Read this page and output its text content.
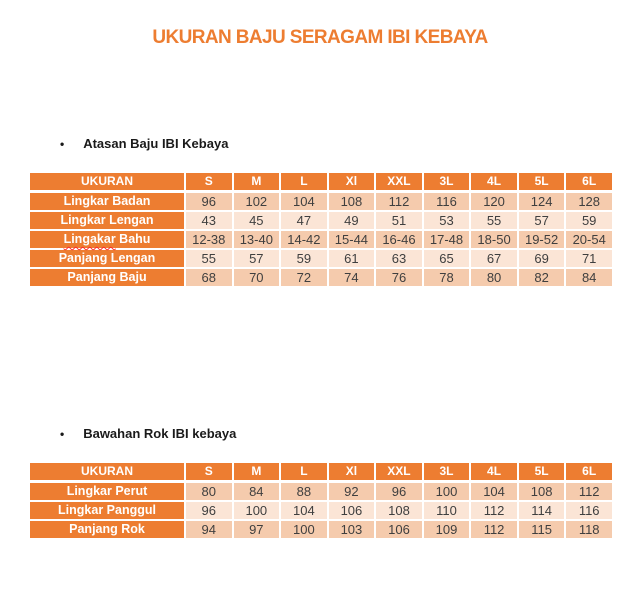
UKURAN BAJU SERAGAM IBI KEBAYA
• Atasan Baju IBI Kebaya
UKURAN	S	M	L	Xl	XXL	3L	4L	5L	6L
Lingkar Badan	96	102	104	108	112	116	120	124	128
Lingkar Lengan	43	45	47	49	51	53	55	57	59
Lingakar Bahu	12-38	13-40	14-42	15-44	16-46	17-48	18-50	19-52	20-54
Panjang Lengan	55	57	59	61	63	65	67	69	71
Panjang Baju	68	70	72	74	76	78	80	82	84
• Bawahan Rok IBI kebaya
UKURAN	S	M	L	Xl	XXL	3L	4L	5L	6L
Lingkar Perut	80	84	88	92	96	100	104	108	112
Lingkar Panggul	96	100	104	106	108	110	112	114	116
Panjang Rok	94	97	100	103	106	109	112	115	118
